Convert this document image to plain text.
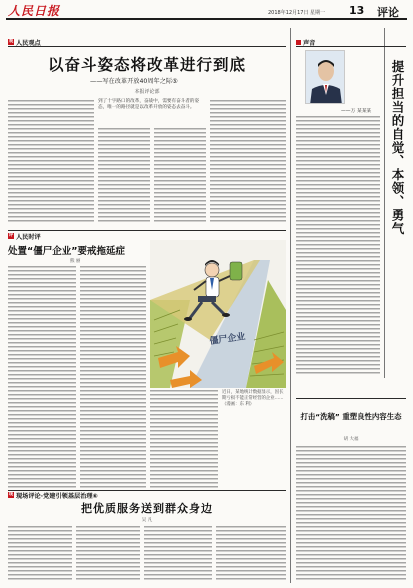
人民日报	2018年12月17日 星期一 13 评论
观 人民观点
以奋斗姿态将改革进行到底
——写在改革开放40周年之际⑤
本报评论部
到了十字路口的改革，奋战中，需要有奋斗者的姿态，唯一的路径就是以改革开放的姿态去奋斗。
评 人民时评
处置“僵尸企业”要戒拖延症
熊 丽
僵尸企业
近日，某地统计数据显示，因长期亏损不能正常经营的企业……（漫画：东 利）
现 现场评论·党建引领基层治理⑥
把优质服务送到群众身边
吴 凡
声音
——万 某某某 提升担当的自觉、本领、勇气
打击“洗稿” 重塑良性内容生态
胡 大福
